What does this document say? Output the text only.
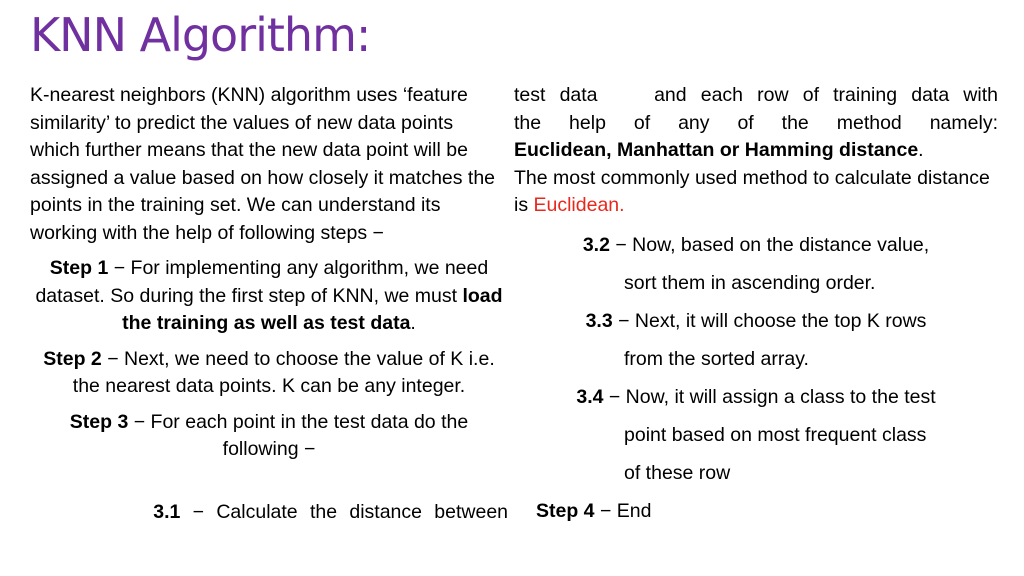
KNN Algorithm:

K-nearest neighbors (KNN) algorithm uses ‘feature similarity’ to predict the values of new data points which further means that the new data point will be assigned a value based on how closely it matches the points in the training set. We can understand its working with the help of following steps −

Step 1 − For implementing any algorithm, we need dataset. So during the first step of KNN, we must load the training as well as test data.

Step 2 − Next, we need to choose the value of K i.e. the nearest data points. K can be any integer.

Step 3 − For each point in the test data do the following −

3.1 − Calculate the distance between

test data    and each row of training data with

the help of any of the method namely:

Euclidean, Manhattan or Hamming distance.

The most commonly used method to calculate distance is Euclidean.

3.2 − Now, based on the distance value,

sort them in ascending order.

3.3 − Next, it will choose the top K rows

from the sorted array.

3.4 − Now, it will assign a class to the test

point based on most frequent class

of these row

Step 4 − End
